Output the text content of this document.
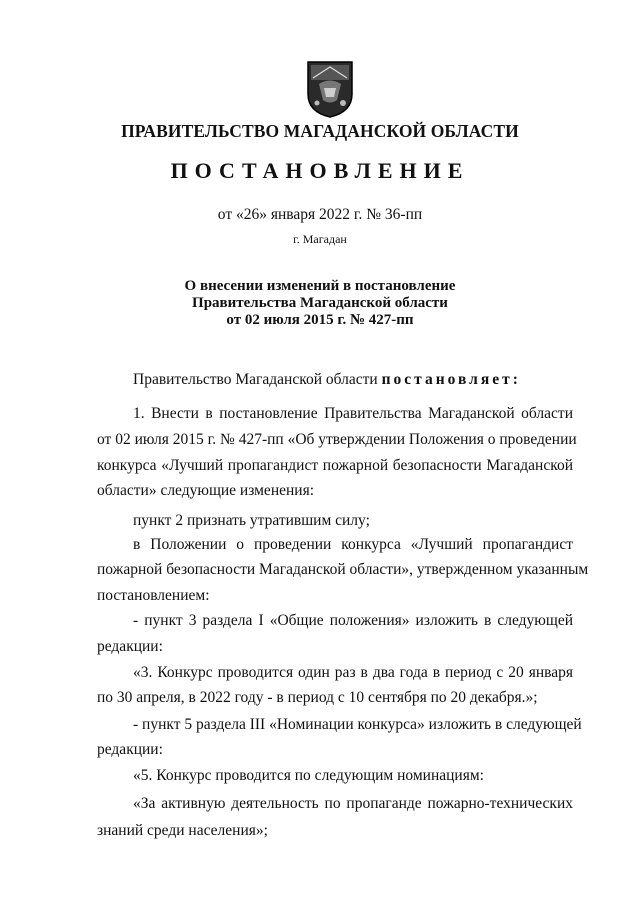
ПРАВИТЕЛЬСТВО МАГАДАНСКОЙ ОБЛАСТИ
ПОСТАНОВЛЕНИЕ
от «26» января 2022 г. № 36-пп
г. Магадан
О внесении изменений в постановление
Правительства Магаданской области
от 02 июля 2015 г. № 427-пп
Правительство Магаданской области постановляет:
1. Внести в постановление Правительства Магаданской области
от 02 июля 2015 г. № 427-пп «Об утверждении Положения о проведении
конкурса «Лучший пропагандист пожарной безопасности Магаданской
области» следующие изменения:
пункт 2 признать утратившим силу;
в Положении о проведении конкурса «Лучший пропагандист
пожарной безопасности Магаданской области», утвержденном указанным
постановлением:
- пункт 3 раздела I «Общие положения» изложить в следующей
редакции:
«3. Конкурс проводится один раз в два года в период с 20 января
по 30 апреля, в 2022 году - в период с 10 сентября по 20 декабря.»;
- пункт 5 раздела III «Номинации конкурса» изложить в следующей
редакции:
«5. Конкурс проводится по следующим номинациям:
«За активную деятельность по пропаганде пожарно-технических
знаний среди населения»;
